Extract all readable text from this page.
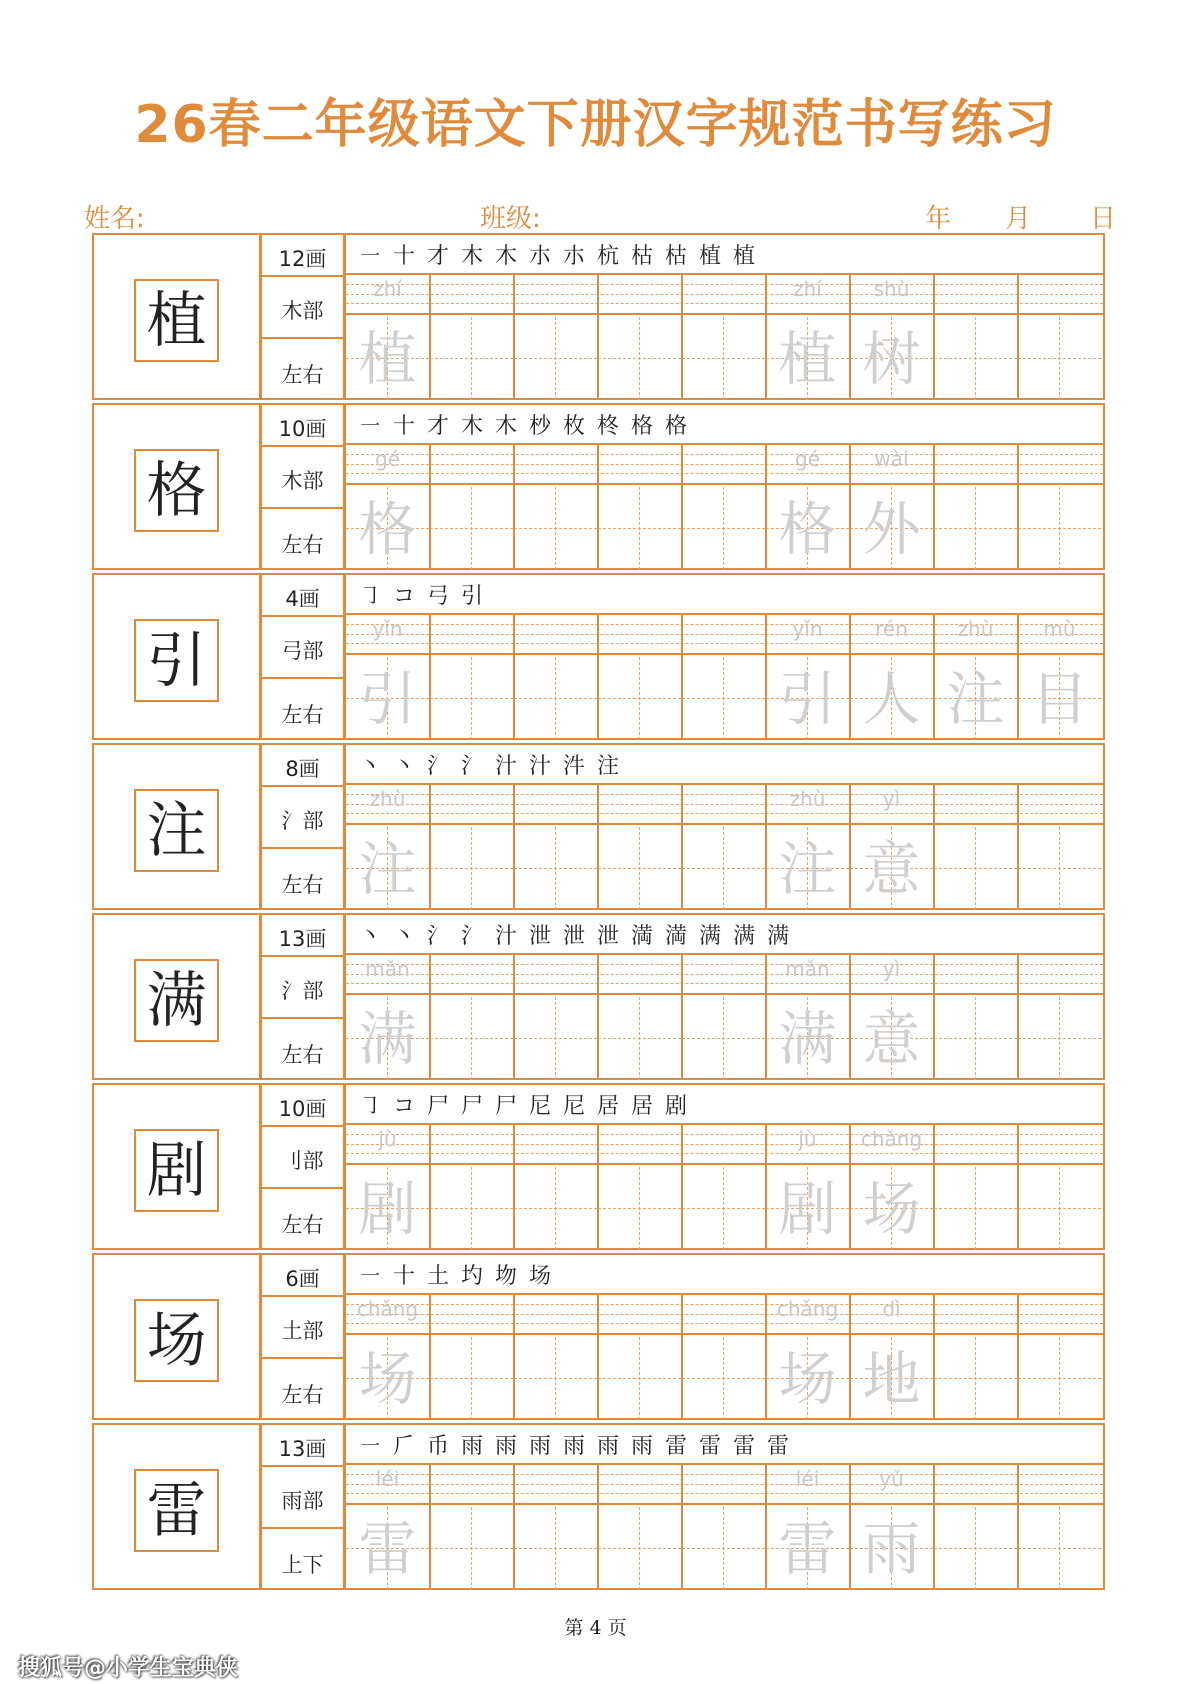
26春二年级语文下册汉字规范书写练习
姓名:	班级:	年 月 日
植
12画
木部
左右
㇐ 十 才 木 木 朩 朩 杭 枯 枯 植 植
zhí
植
zhí
植
shù
树
格
10画
木部
左右
㇐ 十 才 木 木 杪 枚 柊 格 格
gé
格
gé
格
wài
外
引
4画
弓部
左右
㇆ コ 弓 引
yǐn
引
yǐn
引
rén
人
zhù
注
mù
目
注
8画
氵部
左右
丶 丶 氵 氵 汁 汁 汼 注
zhù
注
zhù
注
yì
意
满
13画
氵部
左右
丶 丶 氵 氵 汁 泄 泄 泄 満 満 满 满 满
mǎn
满
mǎn
满
yì
意
剧
10画
刂部
左右
㇆ コ 尸 尸 尸 尼 尼 居 居 剧
jù
剧
jù
剧
chǎng
场
场
6画
土部
左右
㇐ 十 土 圴 圽 场
chǎng
场
chǎng
场
dì
地
雷
13画
雨部
上下
㇐ 𠂆 币 雨 雨 雨 雨 雨 雨 雷 雷 雷 雷
léi
雷
léi
雷
yǔ
雨
第 4 页
搜狐号@小学生宝典侠
